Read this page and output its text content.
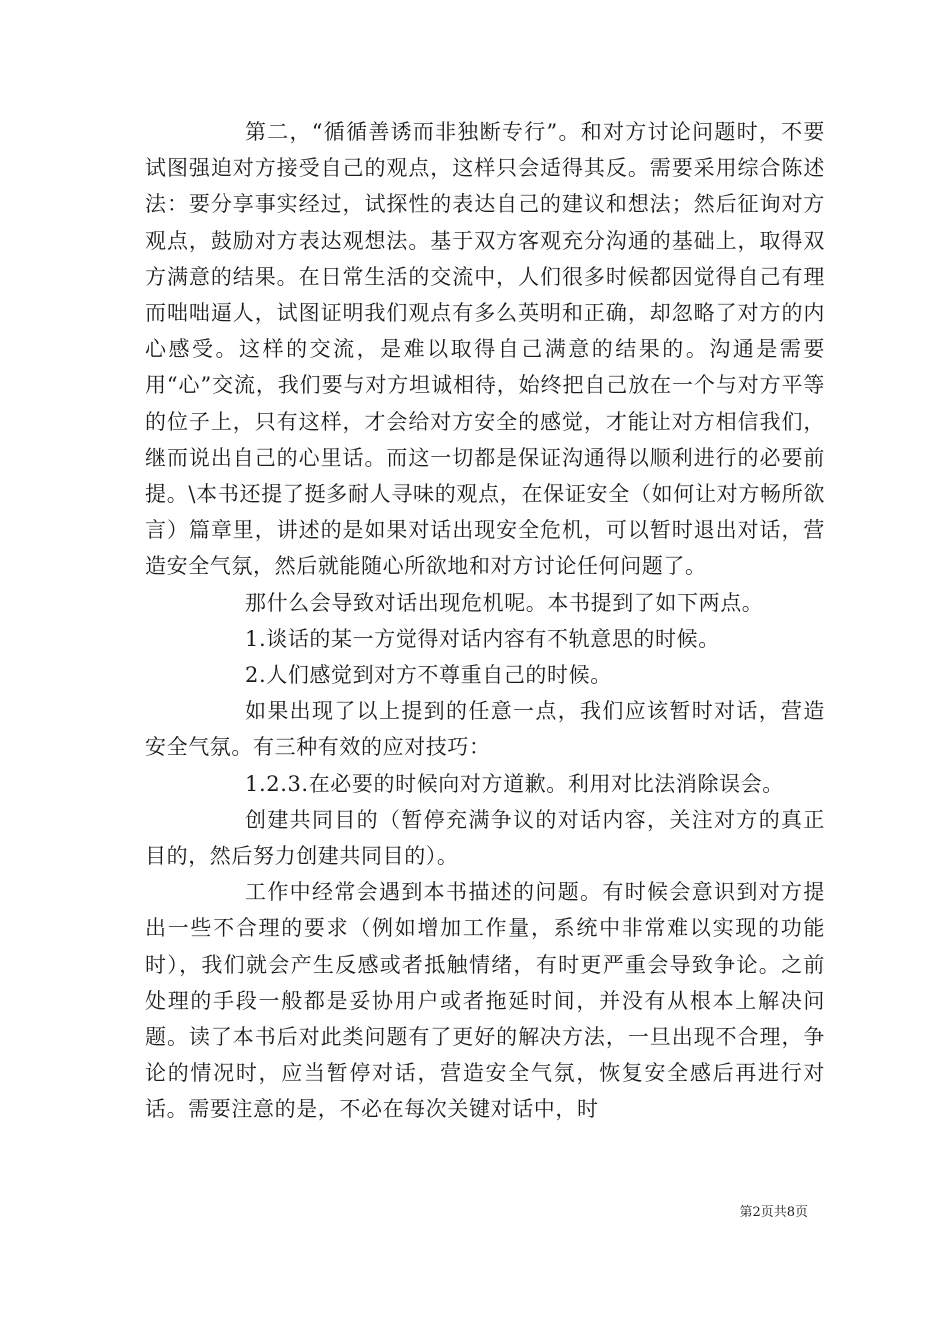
第二，“循循善诱而非独断专行”。和对方讨论问题时，不要试图强迫对方接受自己的观点，这样只会适得其反。需要采用综合陈述法：要分享事实经过，试探性的表达自己的建议和想法；然后征询对方观点，鼓励对方表达观想法。基于双方客观充分沟通的基础上，取得双方满意的结果。在日常生活的交流中，人们很多时候都因觉得自己有理而咄咄逼人，试图证明我们观点有多么英明和正确，却忽略了对方的内心感受。这样的交流，是难以取得自己满意的结果的。沟通是需要用“心”交流，我们要与对方坦诚相待，始终把自己放在一个与对方平等的位子上，只有这样，才会给对方安全的感觉，才能让对方相信我们，继而说出自己的心里话。而这一切都是保证沟通得以顺利进行的必要前提。\本书还提了挺多耐人寻味的观点，在保证安全（如何让对方畅所欲言）篇章里，讲述的是如果对话出现安全危机，可以暂时退出对话，营造安全气氛，然后就能随心所欲地和对方讨论任何问题了。

那什么会导致对话出现危机呢。本书提到了如下两点。

1.谈话的某一方觉得对话内容有不轨意思的时候。

2.人们感觉到对方不尊重自己的时候。

如果出现了以上提到的任意一点，我们应该暂时对话，营造安全气氛。有三种有效的应对技巧：

1.2.3.在必要的时候向对方道歉。利用对比法消除误会。

创建共同目的（暂停充满争议的对话内容，关注对方的真正目的，然后努力创建共同目的）。

工作中经常会遇到本书描述的问题。有时候会意识到对方提出一些不合理的要求（例如增加工作量，系统中非常难以实现的功能时），我们就会产生反感或者抵触情绪，有时更严重会导致争论。之前处理的手段一般都是妥协用户或者拖延时间，并没有从根本上解决问题。读了本书后对此类问题有了更好的解决方法，一旦出现不合理，争论的情况时，应当暂停对话，营造安全气氛，恢复安全感后再进行对话。需要注意的是，不必在每次关键对话中，时

第2页共8页
